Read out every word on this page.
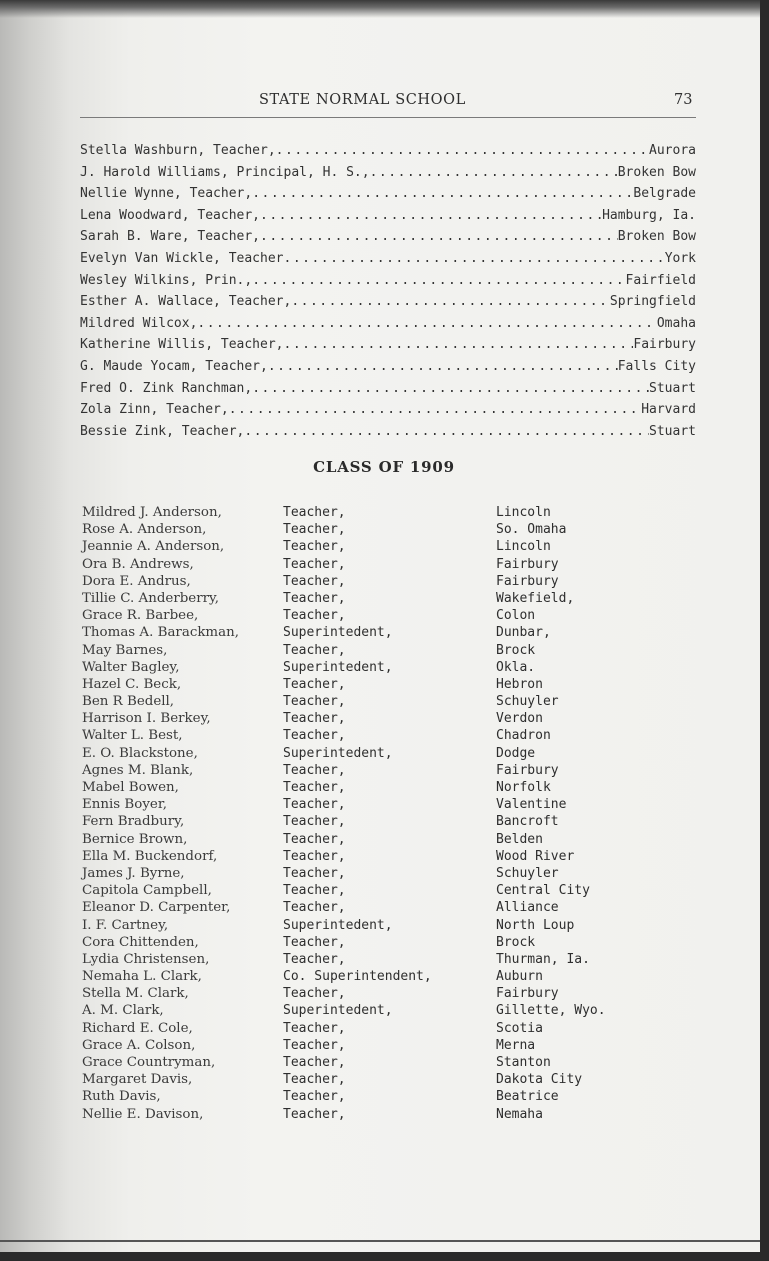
STATE NORMAL SCHOOL	73
Stella Washburn, Teacher, .....	Aurora
J. Harold Williams, Principal, H. S., .....	Broken Bow
Nellie Wynne, Teacher, .....	Belgrade
Lena Woodward, Teacher, .....	Hamburg, Ia.
Sarah B. Ware, Teacher, .....	Broken Bow
Evelyn Van Wickle, Teacher .....	York
Wesley Wilkins, Prin., .....	Fairfield
Esther A. Wallace, Teacher, .....	Springfield
Mildred Wilcox, .....	Omaha
Katherine Willis, Teacher, .....	Fairbury
G. Maude Yocam, Teacher, .....	Falls City
Fred O. Zink Ranchman, .....	Stuart
Zola Zinn, Teacher, .....	Harvard
Bessie Zink, Teacher, .....	Stuart
CLASS OF 1909
Mildred J. Anderson,	Teacher,	Lincoln
Rose A. Anderson,	Teacher,	So. Omaha
Jeannie A. Anderson,	Teacher,	Lincoln
Ora B. Andrews,	Teacher,	Fairbury
Dora E. Andrus,	Teacher,	Fairbury
Tillie C. Anderberry,	Teacher,	Wakefield,
Grace R. Barbee,	Teacher,	Colon
Thomas A. Barackman,	Superintedent,	Dunbar,
May Barnes,	Teacher,	Brock
Walter Bagley,	Superintedent,	Okla.
Hazel C. Beck,	Teacher,	Hebron
Ben R Bedell,	Teacher,	Schuyler
Harrison I. Berkey,	Teacher,	Verdon
Walter L. Best,	Teacher,	Chadron
E. O. Blackstone,	Superintedent,	Dodge
Agnes M. Blank,	Teacher,	Fairbury
Mabel Bowen,	Teacher,	Norfolk
Ennis Boyer,	Teacher,	Valentine
Fern Bradbury,	Teacher,	Bancroft
Bernice Brown,	Teacher,	Belden
Ella M. Buckendorf,	Teacher,	Wood River
James J. Byrne,	Teacher,	Schuyler
Capitola Campbell,	Teacher,	Central City
Eleanor D. Carpenter,	Teacher,	Alliance
I. F. Cartney,	Superintedent,	North Loup
Cora Chittenden,	Teacher,	Brock
Lydia Christensen,	Teacher,	Thurman, Ia.
Nemaha L. Clark,	Co. Superintendent,	Auburn
Stella M. Clark,	Teacher,	Fairbury
A. M. Clark,	Superintedent,	Gillette, Wyo.
Richard E. Cole,	Teacher,	Scotia
Grace A. Colson,	Teacher,	Merna
Grace Countryman,	Teacher,	Stanton
Margaret Davis,	Teacher,	Dakota City
Ruth Davis,	Teacher,	Beatrice
Nellie E. Davison,	Teacher,	Nemaha
